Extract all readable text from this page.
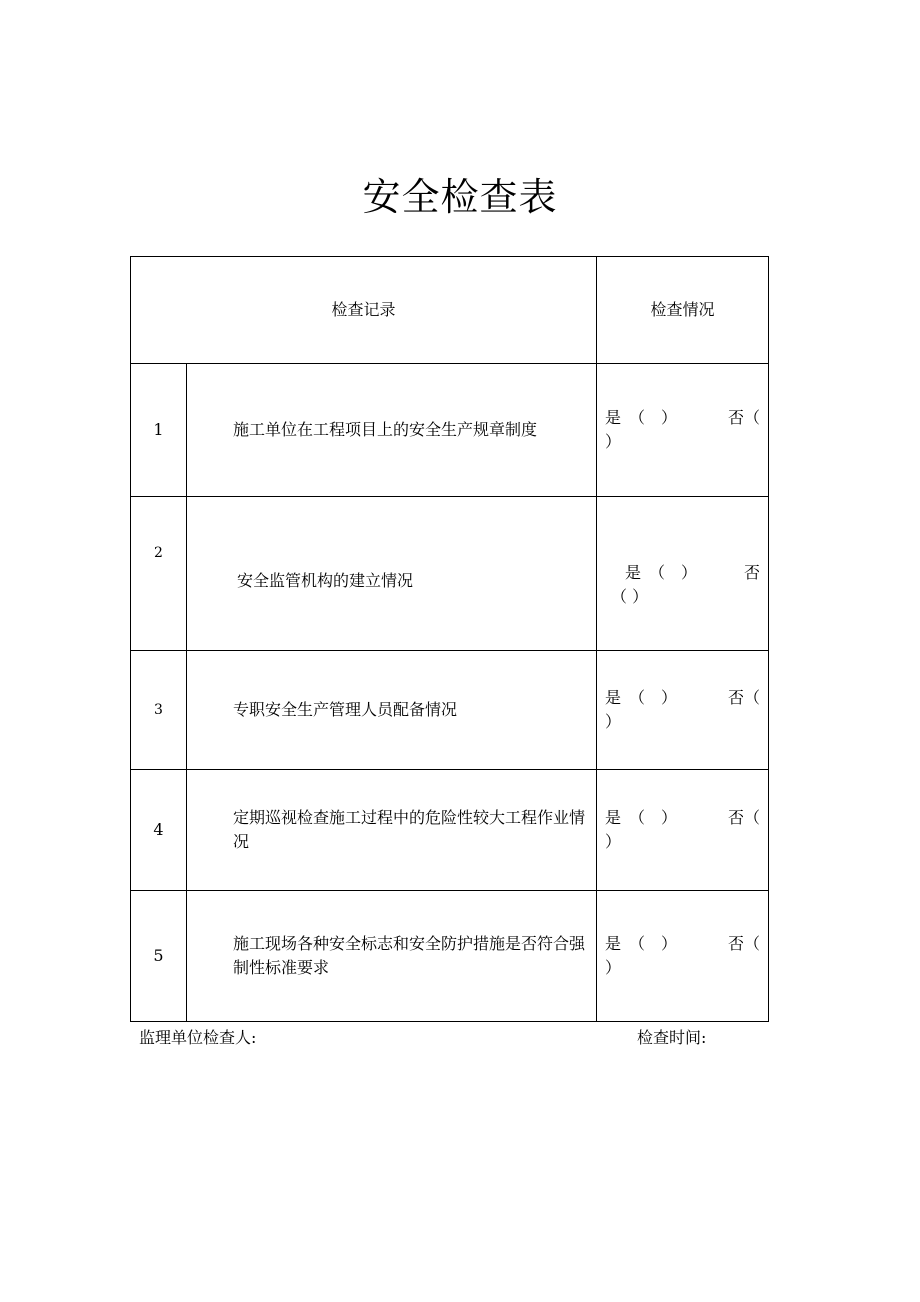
安全检查表
检查记录		检查情况
1	施工单位在工程项目上的安全生产规章制度	是　（　） 否（
）

2	安全监管机构的建立情况	是　（　） 否
（ ）

3	专职安全生产管理人员配备情况	是　（　） 否（
）

4	定期巡视检查施工过程中的危险性较大工程作业情况	是　（　） 否（
）

5	施工现场各种安全标志和安全防护措施是否符合强制性标准要求	是　（　） 否（
）
监理单位检查人:	检查时间:
